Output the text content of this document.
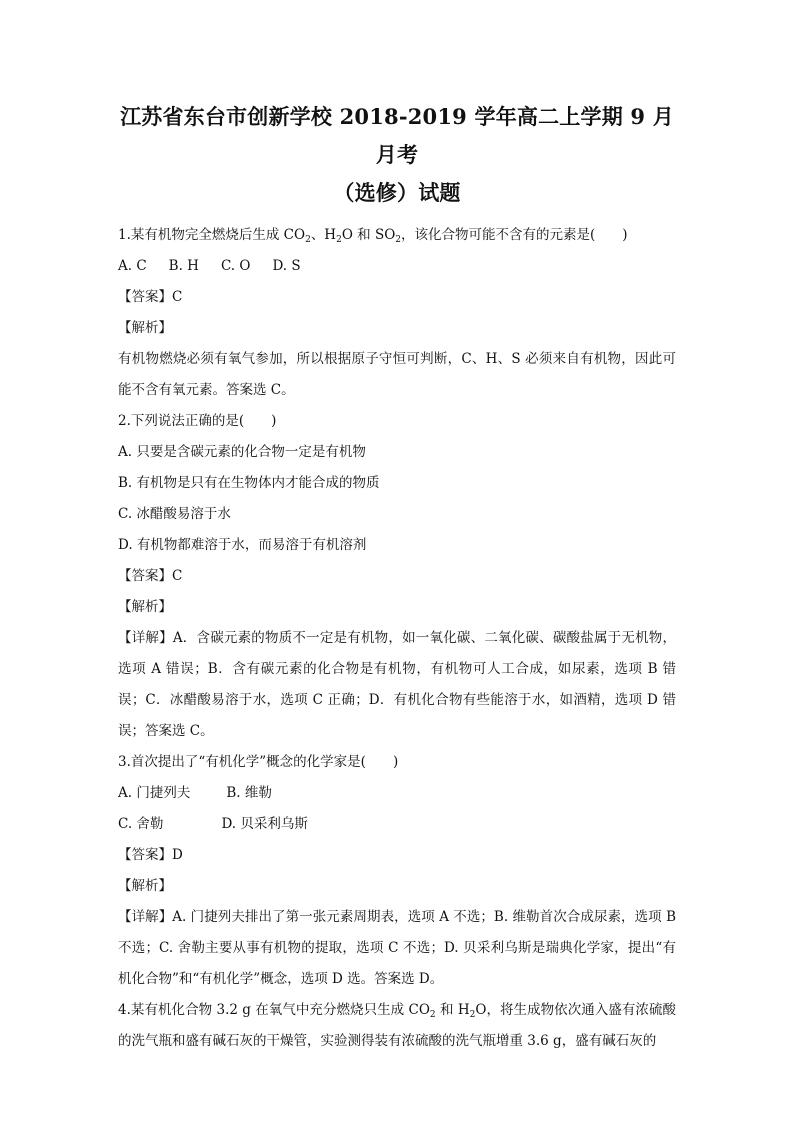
江苏省东台市创新学校 2018-2019 学年高二上学期 9 月月考
（选修）试题

1.某有机物完全燃烧后生成 $CO_2$、$H_2O$ 和 $SO_2$，该化合物可能不含有的元素是(　　)

A. C B. H C. O D. S

【答案】C

【解析】

有机物燃烧必须有氧气参加，所以根据原子守恒可判断，C、H、S 必须来自有机物，因此可能不含有氧元素。答案选 C。

2.下列说法正确的是(　　)

A. 只要是含碳元素的化合物一定是有机物

B. 有机物是只有在生物体内才能合成的物质

C. 冰醋酸易溶于水

D. 有机物都难溶于水，而易溶于有机溶剂

【答案】C

【解析】

【详解】A．含碳元素的物质不一定是有机物，如一氧化碳、二氧化碳、碳酸盐属于无机物，选项 A 错误；B．含有碳元素的化合物是有机物，有机物可人工合成，如尿素，选项 B 错误；C．冰醋酸易溶于水，选项 C 正确；D．有机化合物有些能溶于水，如酒精，选项 D 错误；答案选 C。

3.首次提出了“有机化学”概念的化学家是(　　)

A. 门捷列夫	B. 维勒

C. 舍勒	D. 贝采利乌斯

【答案】D

【解析】

【详解】A. 门捷列夫排出了第一张元素周期表，选项 A 不选；B. 维勒首次合成尿素，选项 B 不选；C. 舍勒主要从事有机物的提取，选项 C 不选；D. 贝采利乌斯是瑞典化学家，提出“有机化合物”和“有机化学”概念，选项 D 选。答案选 D。

4.某有机化合物 3.2 g 在氧气中充分燃烧只生成 $CO_2$ 和 $H_2O$，将生成物依次通入盛有浓硫酸的洗气瓶和盛有碱石灰的干燥管，实验测得装有浓硫酸的洗气瓶增重 3.6 g，盛有碱石灰的
